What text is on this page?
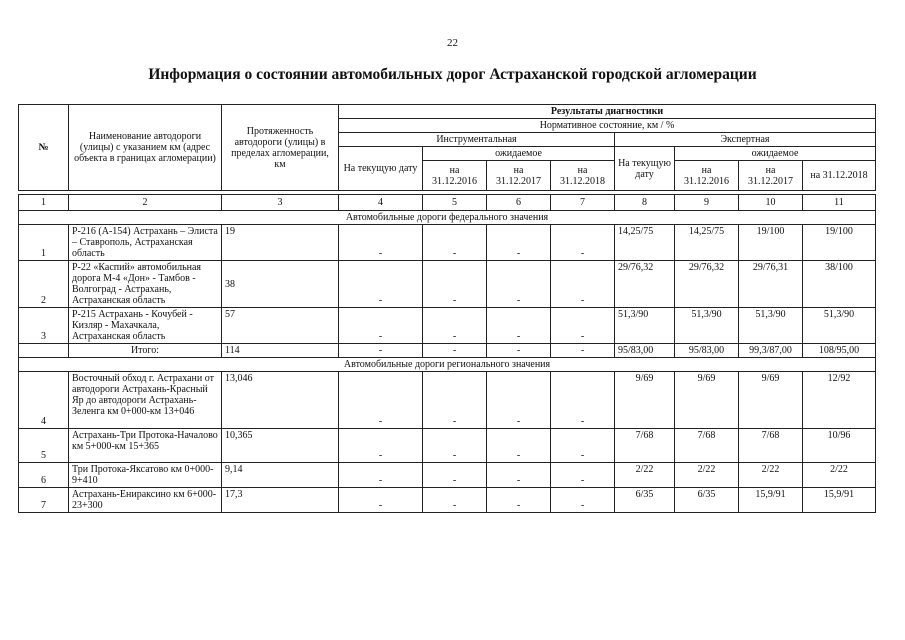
22
Информация о состоянии автомобильных дорог Астраханской городской агломерации
№	Наименование автодороги (улицы) с указанием км (адрес объекта в границах агломерации)	Протяженность автодороги (улицы) в пределах агломерации, км	Результаты диагностики							
			Нормативное состояние, км / %							
			Инструментальная				Экспертная			
			На текущую дату	ожидаемое			На текущую дату	ожидаемое		
				на 31.12.2016	на 31.12.2017	на 31.12.2018		на 31.12.2016	на 31.12.2017	на 31.12.2018

1	2	3	4	5	6	7	8	9	10	11
Автомобильные дороги федерального значения										
1	Р-216 (А-154) Астрахань – Элиста – Ставрополь, Астраханская область	19	-	-	-	-	14,25/75	14,25/75	19/100	19/100
2	Р-22 «Каспий» автомобильная дорога М-4 «Дон» - Тамбов - Волгоград - Астрахань, Астраханская область	38	-	-	-	-	29/76,32	29/76,32	29/76,31	38/100
3	Р-215 Астрахань - Кочубей - Кизляр - Махачкала, Астраханская область	57	-	-	-	-	51,3/90	51,3/90	51,3/90	51,3/90
	Итого:	114	-	-	-	-	95/83,00	95/83,00	99,3/87,00	108/95,00
Автомобильные дороги регионального значения										
4	Восточный обход г. Астрахани от автодороги Астрахань-Красный Яр до автодороги Астрахань-Зеленга км 0+000-км 13+046	13,046	-	-	-	-	9/69	9/69	9/69	12/92
5	Астрахань-Три Протока-Началово км 5+000-км 15+365	10,365	-	-	-	-	7/68	7/68	7/68	10/96
6	Три Протока-Яксатово км 0+000-9+410	9,14	-	-	-	-	2/22	2/22	2/22	2/22
7	Астрахань-Енираксино км 6+000-23+300	17,3	-	-	-	-	6/35	6/35	15,9/91	15,9/91
